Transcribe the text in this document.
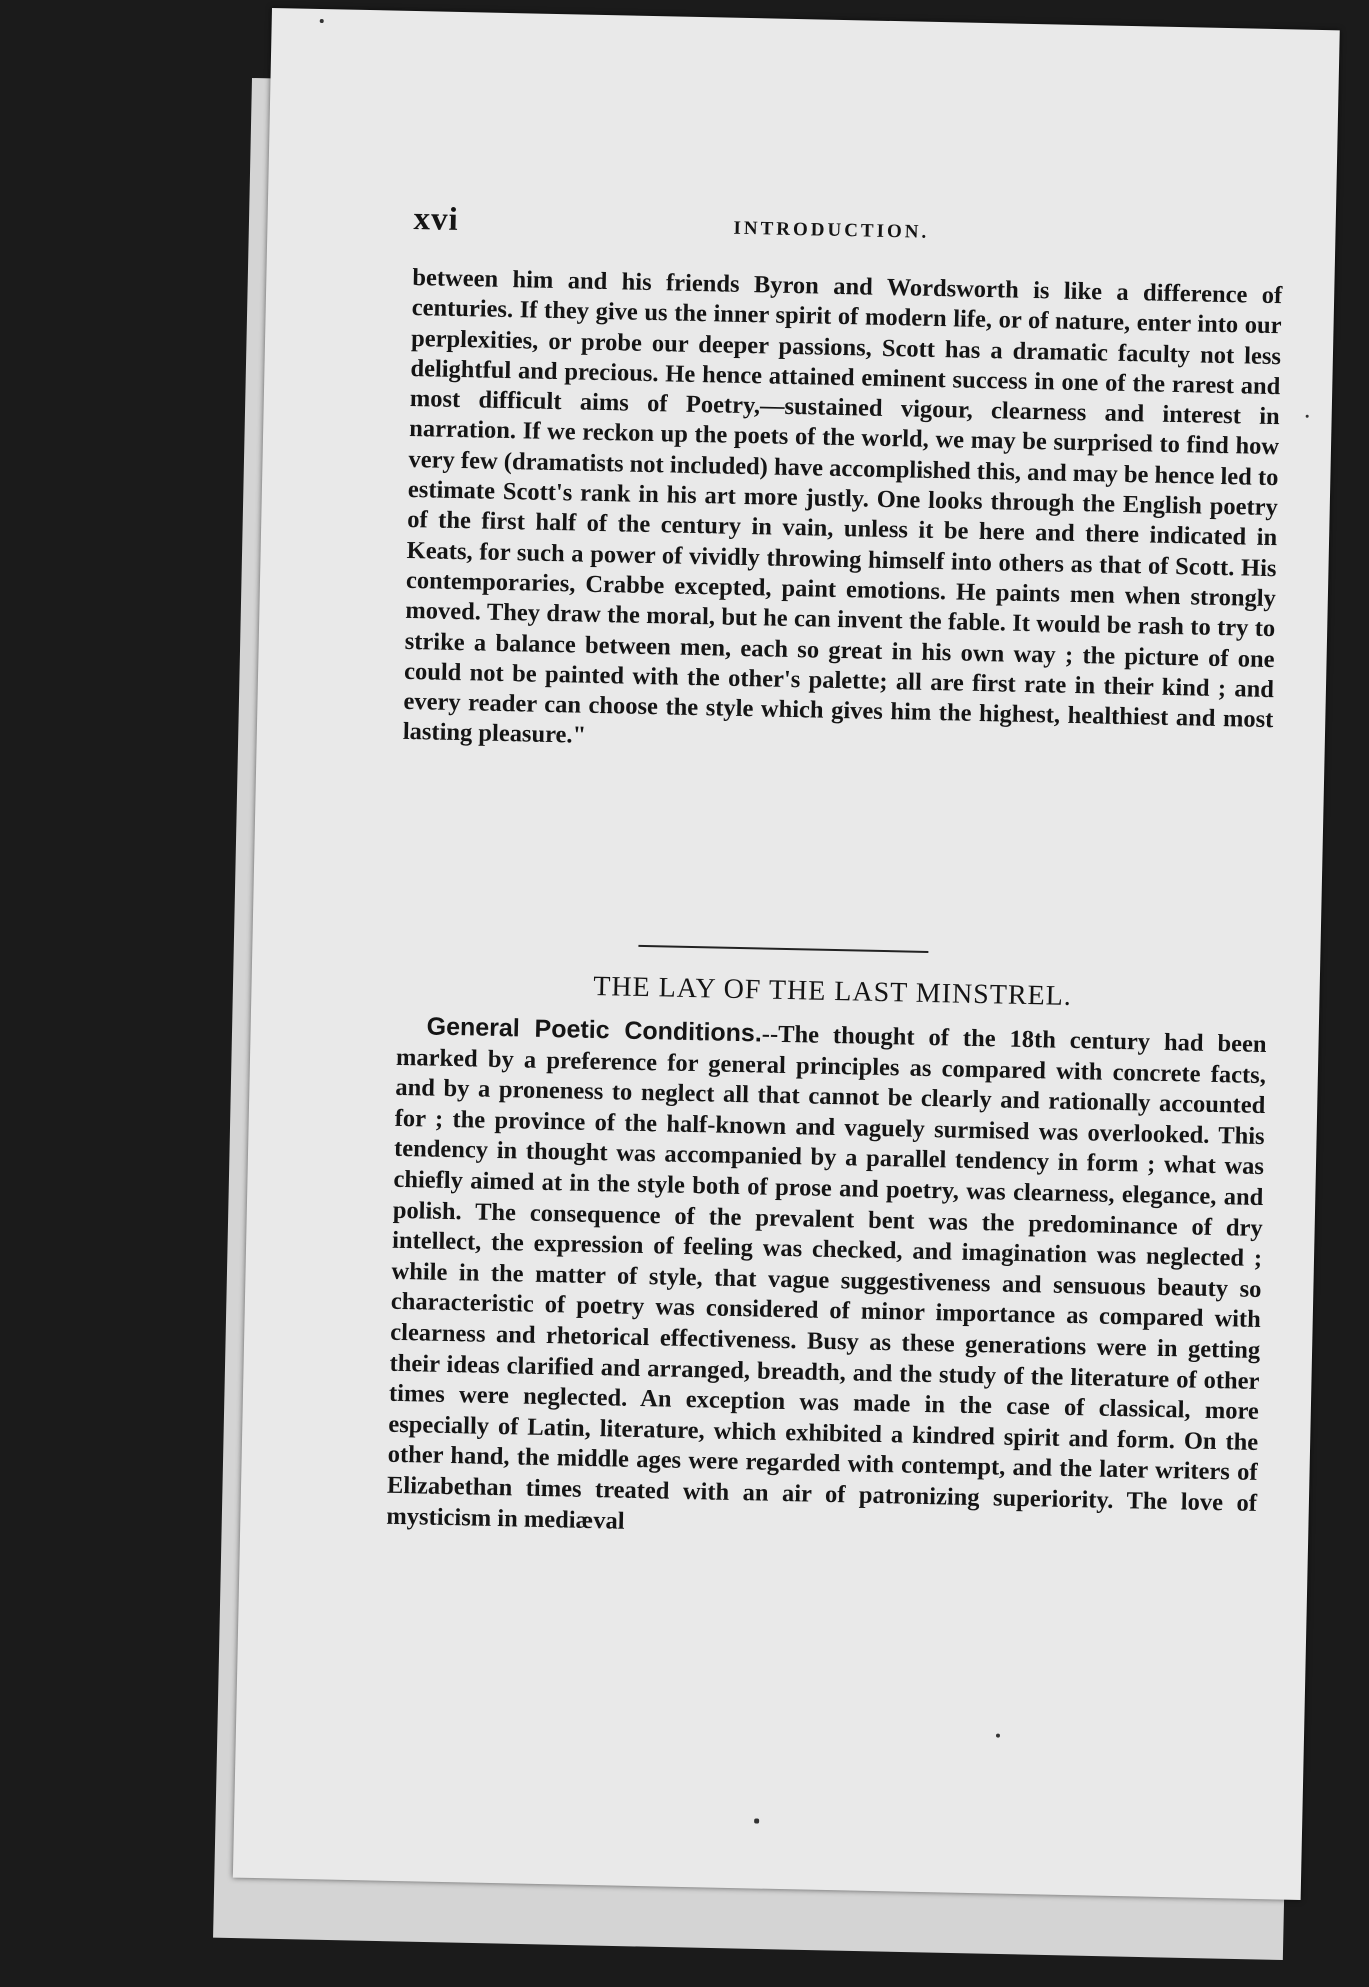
xvi	INTRODUCTION.

between him and his friends Byron and Wordsworth is like a difference of centuries. If they give us the inner spirit of modern life, or of nature, enter into our perplexities, or probe our deeper passions, Scott has a dramatic faculty not less delightful and precious. He hence attained eminent success in one of the rarest and most difficult aims of Poetry,—sustained vigour, clearness and interest in narration. If we reckon up the poets of the world, we may be surprised to find how very few (dramatists not included) have accomplished this, and may be hence led to estimate Scott's rank in his art more justly. One looks through the English poetry of the first half of the century in vain, unless it be here and there indicated in Keats, for such a power of vividly throwing himself into others as that of Scott. His contemporaries, Crabbe excepted, paint emotions. He paints men when strongly moved. They draw the moral, but he can invent the fable. It would be rash to try to strike a balance between men, each so great in his own way ; the picture of one could not be painted with the other's palette; all are first rate in their kind ; and every reader can choose the style which gives him the highest, healthiest and most lasting pleasure."

THE LAY OF THE LAST MINSTREL.

General Poetic Conditions.--The thought of the 18th century had been marked by a preference for general principles as compared with concrete facts, and by a proneness to neglect all that cannot be clearly and rationally accounted for ; the province of the half-known and vaguely surmised was overlooked. This tendency in thought was accompanied by a parallel tendency in form ; what was chiefly aimed at in the style both of prose and poetry, was clearness, elegance, and polish. The consequence of the prevalent bent was the predominance of dry intellect, the expression of feeling was checked, and imagination was neglected ; while in the matter of style, that vague suggestiveness and sensuous beauty so characteristic of poetry was considered of minor importance as compared with clearness and rhetorical effectiveness. Busy as these generations were in getting their ideas clarified and arranged, breadth, and the study of the literature of other times were neglected. An exception was made in the case of classical, more especially of Latin, literature, which exhibited a kindred spirit and form. On the other hand, the middle ages were regarded with contempt, and the later writers of Elizabethan times treated with an air of patronizing superiority. The love of mysticism in mediæval
